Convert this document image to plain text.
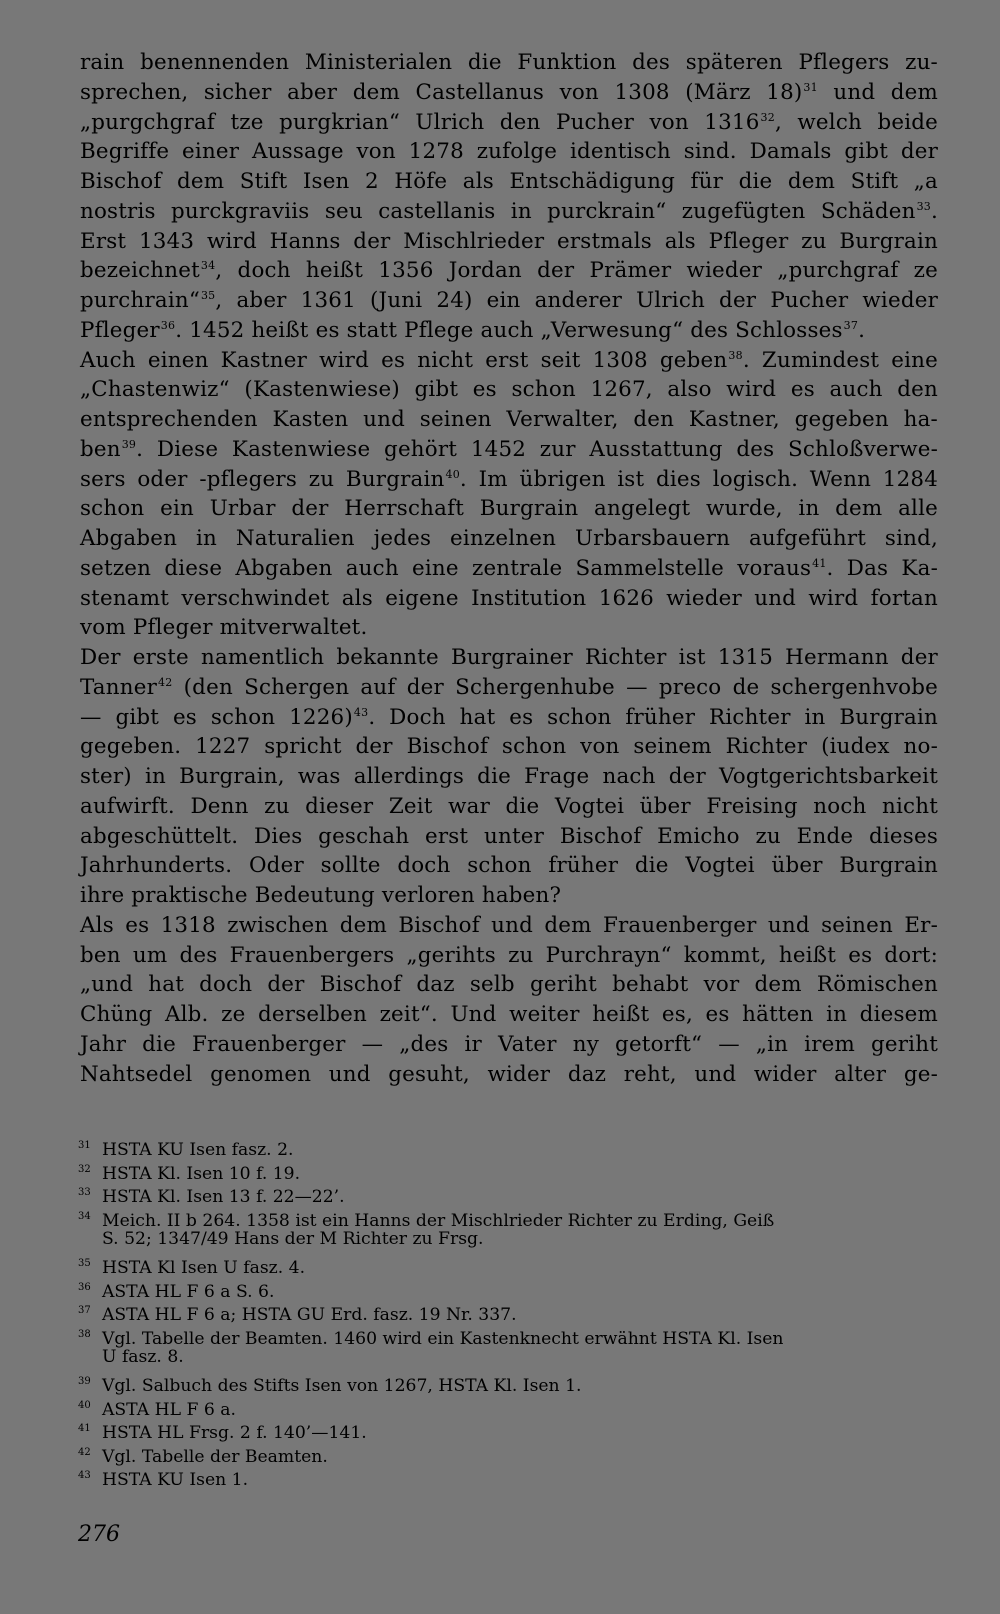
rain benennenden Ministerialen die Funktion des späteren Pflegers zu-
sprechen, sicher aber dem Castellanus von 1308 (März 18)$^{31}$ und dem
„purgchgraf tze purgkrian“ Ulrich den Pucher von 1316$^{32}$, welch beide
Begriffe einer Aussage von 1278 zufolge identisch sind. Damals gibt der
Bischof dem Stift Isen 2 Höfe als Entschädigung für die dem Stift „a
nostris purckgraviis seu castellanis in purckrain“ zugefügten Schäden$^{33}$.
Erst 1343 wird Hanns der Mischlrieder erstmals als Pfleger zu Burgrain
bezeichnet$^{34}$, doch heißt 1356 Jordan der Prämer wieder „purchgraf ze
purchrain“$^{35}$, aber 1361 (Juni 24) ein anderer Ulrich der Pucher wieder
Pfleger$^{36}$. 1452 heißt es statt Pflege auch „Verwesung“ des Schlosses$^{37}$.
Auch einen Kastner wird es nicht erst seit 1308 geben$^{38}$. Zumindest eine
„Chastenwiz“ (Kastenwiese) gibt es schon 1267, also wird es auch den
entsprechenden Kasten und seinen Verwalter, den Kastner, gegeben ha-
ben$^{39}$. Diese Kastenwiese gehört 1452 zur Ausstattung des Schloßverwe-
sers oder -pflegers zu Burgrain$^{40}$. Im übrigen ist dies logisch. Wenn 1284
schon ein Urbar der Herrschaft Burgrain angelegt wurde, in dem alle
Abgaben in Naturalien jedes einzelnen Urbarsbauern aufgeführt sind,
setzen diese Abgaben auch eine zentrale Sammelstelle voraus$^{41}$. Das Ka-
stenamt verschwindet als eigene Institution 1626 wieder und wird fortan
vom Pfleger mitverwaltet.
Der erste namentlich bekannte Burgrainer Richter ist 1315 Hermann der
Tanner$^{42}$ (den Schergen auf der Schergenhube — preco de schergenhvobe
— gibt es schon 1226)$^{43}$. Doch hat es schon früher Richter in Burgrain
gegeben. 1227 spricht der Bischof schon von seinem Richter (iudex no-
ster) in Burgrain, was allerdings die Frage nach der Vogtgerichtsbarkeit
aufwirft. Denn zu dieser Zeit war die Vogtei über Freising noch nicht
abgeschüttelt. Dies geschah erst unter Bischof Emicho zu Ende dieses
Jahrhunderts. Oder sollte doch schon früher die Vogtei über Burgrain
ihre praktische Bedeutung verloren haben?
Als es 1318 zwischen dem Bischof und dem Frauenberger und seinen Er-
ben um des Frauenbergers „gerihts zu Purchrayn“ kommt, heißt es dort:
„und hat doch der Bischof daz selb geriht behabt vor dem Römischen
Chüng Alb. ze derselben zeit“. Und weiter heißt es, es hätten in diesem
Jahr die Frauenberger — „des ir Vater ny getorft“ — „in irem geriht
Nahtsedel genomen und gesuht, wider daz reht, und wider alter ge-
31 HSTA KU Isen fasz. 2.
32 HSTA Kl. Isen 10 f. 19.
33 HSTA Kl. Isen 13 f. 22—22’.
34 Meich. II b 264. 1358 ist ein Hanns der Mischlrieder Richter zu Erding, Geiß
S. 52; 1347/49 Hans der M Richter zu Frsg.
35 HSTA Kl Isen U fasz. 4.
36 ASTA HL F 6 a S. 6.
37 ASTA HL F 6 a; HSTA GU Erd. fasz. 19 Nr. 337.
38 Vgl. Tabelle der Beamten. 1460 wird ein Kastenknecht erwähnt HSTA Kl. Isen
U fasz. 8.
39 Vgl. Salbuch des Stifts Isen von 1267, HSTA Kl. Isen 1.
40 ASTA HL F 6 a.
41 HSTA HL Frsg. 2 f. 140’—141.
42 Vgl. Tabelle der Beamten.
43 HSTA KU Isen 1.
276
